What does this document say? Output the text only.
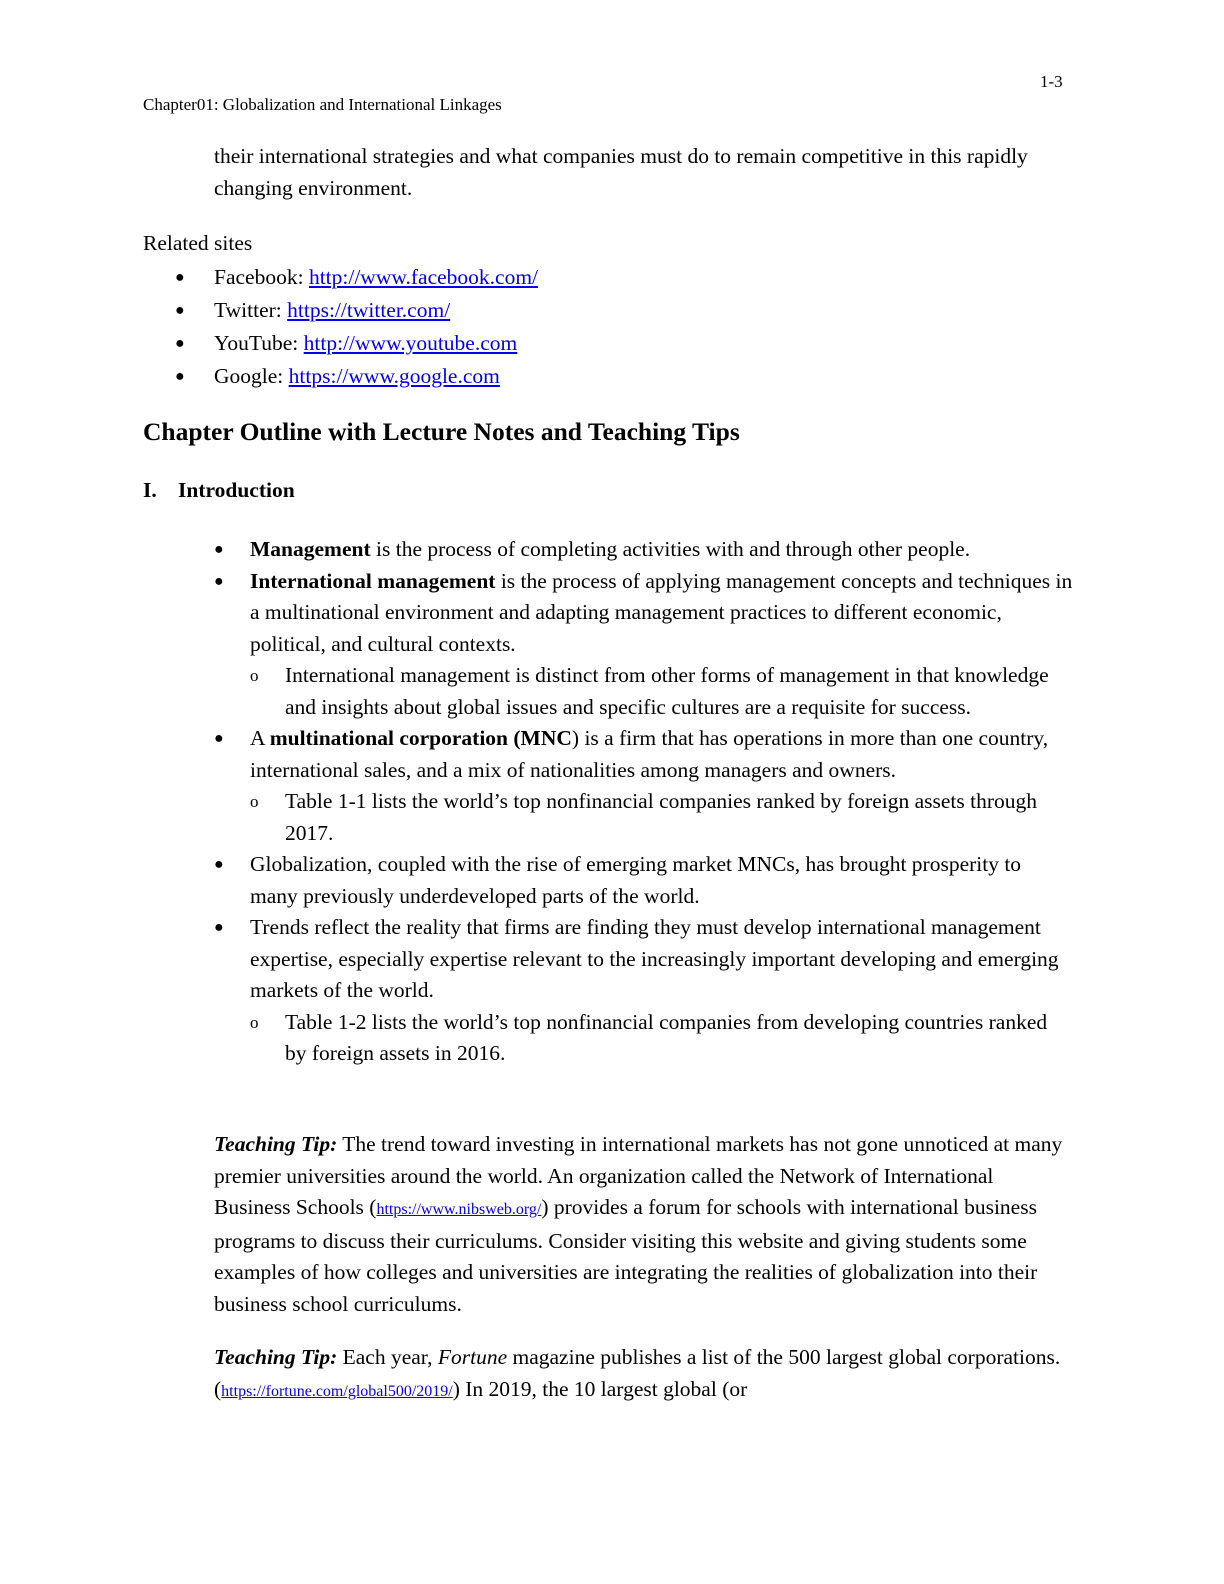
1-3
Chapter01: Globalization and International Linkages

their international strategies and what companies must do to remain competitive in this rapidly changing environment.

Related sites
● Facebook: http://www.facebook.com/
● Twitter: https://twitter.com/
● YouTube: http://www.youtube.com
● Google: https://www.google.com
Chapter Outline with Lecture Notes and Teaching Tips
I. Introduction
● Management is the process of completing activities with and through other people.
● International management is the process of applying management concepts and techniques in a multinational environment and adapting management practices to different economic, political, and cultural contexts.
o International management is distinct from other forms of management in that knowledge and insights about global issues and specific cultures are a requisite for success.
● A multinational corporation (MNC) is a firm that has operations in more than one country, international sales, and a mix of nationalities among managers and owners.
o Table 1-1 lists the world’s top nonfinancial companies ranked by foreign assets through 2017.
● Globalization, coupled with the rise of emerging market MNCs, has brought prosperity to many previously underdeveloped parts of the world.
● Trends reflect the reality that firms are finding they must develop international management expertise, especially expertise relevant to the increasingly important developing and emerging markets of the world.
o Table 1-2 lists the world’s top nonfinancial companies from developing countries ranked by foreign assets in 2016.

Teaching Tip: The trend toward investing in international markets has not gone unnoticed at many premier universities around the world. An organization called the Network of International Business Schools (https://www.nibsweb.org/) provides a forum for schools with international business programs to discuss their curriculums. Consider visiting this website and giving students some examples of how colleges and universities are integrating the realities of globalization into their business school curriculums.

Teaching Tip: Each year, Fortune magazine publishes a list of the 500 largest global corporations. (https://fortune.com/global500/2019/) In 2019, the 10 largest global (or
